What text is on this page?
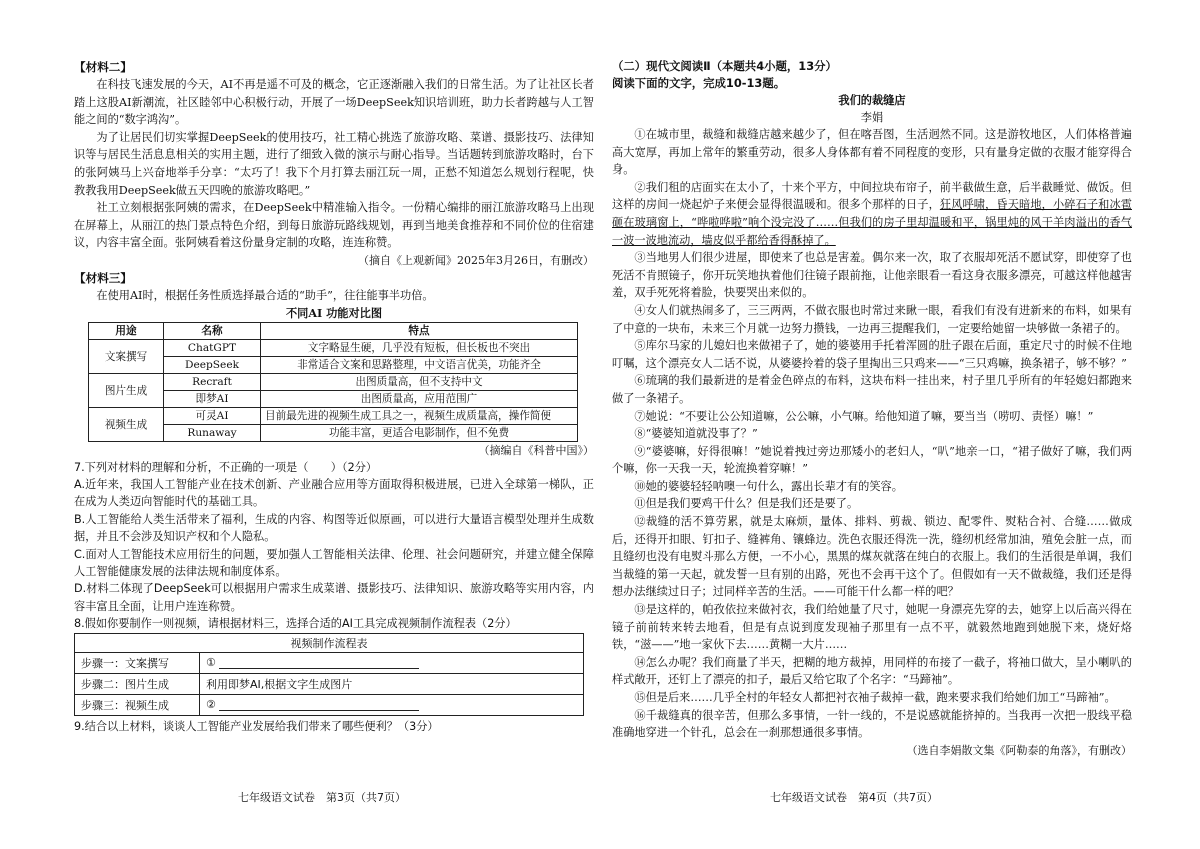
【材料二】

在科技飞速发展的今天，AI不再是遥不可及的概念，它正逐渐融入我们的日常生活。为了让社区长者踏上这股AI新潮流，社区睦邻中心积极行动，开展了一场DeepSeek知识培训班，助力长者跨越与人工智能之间的“数字鸿沟”。

为了让居民们切实掌握DeepSeek的使用技巧，社工精心挑选了旅游攻略、菜谱、摄影技巧、法律知识等与居民生活息息相关的实用主题，进行了细致入微的演示与耐心指导。当话题转到旅游攻略时，台下的张阿姨马上兴奋地举手分享：“太巧了！我下个月打算去丽江玩一周，正愁不知道怎么规划行程呢，快教教我用DeepSeek做五天四晚的旅游攻略吧。”

社工立刻根据张阿姨的需求，在DeepSeek中精准输入指令。一份精心编排的丽江旅游攻略马上出现在屏幕上，从丽江的热门景点特色介绍，到每日旅游玩路线规划，再到当地美食推荐和不同价位的住宿建议，内容丰富全面。张阿姨看着这份量身定制的攻略，连连称赞。

（摘自《上观新闻》2025年3月26日，有删改）

【材料三】

在使用AI时，根据任务性质选择最合适的“助手”，往往能事半功倍。

不同AI 功能对比图

用途	名称	特点
文案撰写	ChatGPT	文字略显生硬，几乎没有短板，但长板也不突出
	DeepSeek	非常适合文案和思路整理，中文语言优美，功能齐全
图片生成	Recraft	出图质量高，但不支持中文
	即梦AI	出图质量高，应用范围广
视频生成	可灵AI	目前最先进的视频生成工具之一，视频生成质量高，操作简便
	Runaway	功能丰富，更适合电影制作，但不免费

（摘编自《科普中国》）

7.下列对材料的理解和分析，不正确的一项是（　　）（2分）

A.近年来，我国人工智能产业在技术创新、产业融合应用等方面取得积极进展，已进入全球第一梯队，正在成为人类迈向智能时代的基础工具。

B.人工智能给人类生活带来了福利，生成的内容、构图等近似原画，可以进行大量语言模型处理并生成数据，并且不会涉及知识产权和个人隐私。

C.面对人工智能技术应用衍生的问题，要加强人工智能相关法律、伦理、社会问题研究，并建立健全保障人工智能健康发展的法律法规和制度体系。

D.材料二体现了DeepSeek可以根据用户需求生成菜谱、摄影技巧、法律知识、旅游攻略等实用内容，内容丰富且全面，让用户连连称赞。

8.假如你要制作一则视频，请根据材料三，选择合适的AI工具完成视频制作流程表（2分）

视频制作流程表	
步骤一：文案撰写	①
步骤二：图片生成	利用即梦AI,根据文字生成图片
步骤三：视频生成	②

9.结合以上材料，谈谈人工智能产业发展给我们带来了哪些便利？（3分）

（二）现代文阅读Ⅱ（本题共4小题，13分）

阅读下面的文字，完成10-13题。

我们的裁缝店

李娟

①在城市里，裁缝和裁缝店越来越少了，但在喀吾图，生活迥然不同。这是游牧地区，人们体格普遍高大宽厚，再加上常年的繁重劳动，很多人身体都有着不同程度的变形，只有量身定做的衣服才能穿得合身。

②我们租的店面实在太小了，十来个平方，中间拉块布帘子，前半截做生意，后半截睡觉、做饭。但这样的房间一烧起炉子来便会显得很温暖和。很多个那样的日子，狂风呼啸，昏天暗地，小碎石子和冰雹砸在玻璃窗上，“哗啦哗啦”响个没完没了……但我们的房子里却温暖和平，锅里炖的风干羊肉溢出的香气一波一波地流动，墙皮似乎都给香得酥掉了。

③当地男人们很少进屋，即使来了也总是害羞。偶尔来一次，取了衣服却死活不愿试穿，即使穿了也死活不肯照镜子，你开玩笑地执着他们往镜子跟前拖，让他亲眼看一看这身衣服多漂亮，可越这样他越害羞，双手死死将着脸，快要哭出来似的。

④女人们就热闹多了，三三两两，不做衣服也时常过来瞅一眼，看我们有没有进新来的布料，如果有了中意的一块布，未来三个月就一边努力攒钱，一边再三提醒我们，一定要给她留一块够做一条裙子的。

⑤库尔马家的儿媳妇也来做裙子了，她的婆婆用手托着浑圆的肚子跟在后面，重定尺寸的时候不住地叮嘱，这个漂亮女人二话不说，从婆婆拎着的袋子里掏出三只鸡来——“三只鸡嘛，换条裙子，够不够？”

⑥琉璃的我们最新进的是着金色碎点的布料，这块布料一挂出来，村子里几乎所有的年轻媳妇都跑来做了一条裙子。

⑦她说：“不要让公公知道嘛，公公嘛，小气嘛。给他知道了嘛，要当当（唠叨、责怪）嘛！”

⑧“婆婆知道就没事了？”

⑨“婆婆嘛，好得很嘛！”她说着拽过旁边那矮小的老妇人，“叭”地亲一口，“裙子做好了嘛，我们两个嘛，你一天我一天，轮流换着穿嘛！”

⑩她的婆婆轻轻呐噢一句什么，露出长辈才有的笑容。

⑪但是我们要鸡干什么？但是我们还是要了。

⑫裁缝的活不算劳累，就是太麻烦，量体、排料、剪裁、锁边、配零件、熨粘合衬、合缝……做成后，还得开扣眼、钉扣子、缝裤角、镶蜂边。洗色衣服还得洗一洗，缝纫机经常加油，殖免会脏一点，而且缝纫也没有电熨斗那么方便，一不小心，黑黑的煤灰就落在纯白的衣服上。我们的生活很是单调，我们当裁缝的第一天起，就发誓一旦有别的出路，死也不会再干这个了。但假如有一天不做裁缝，我们还是得想办法继续过日子；过同样辛苦的生活。——可能干什么都一样的吧？

⑬是这样的，帕孜依拉来做衬衣，我们给她量了尺寸，她呢一身漂亮先穿的去，她穿上以后高兴得在镜子前前转来转去地看，但是有点说到度发现袖子那里有一点不平，就毅然地跑到她脱下来，烧好烙铁，“滋——”地一家伙下去……黄糊一大片……

⑭怎么办呢？我们商量了半天，把糊的地方裁掉，用同样的布接了一截子，将袖口做大，呈小喇叭的样式敞开，还钉上了漂亮的扣子，最后又给它取了个名字：“马蹄袖”。

⑮但是后来……几乎全村的年轻女人都把衬衣袖子裁掉一截，跑来要求我们给她们加工“马蹄袖”。

⑯千裁缝真的很辛苦，但那么多事情，一针一线的，不是说感就能挤掉的。当我再一次把一股线平稳准确地穿进一个针孔，总会在一刹那想通很多事情。

（选自李娟散文集《阿勒泰的角落》，有删改）

七年级语文试卷　第3页（共7页）	七年级语文试卷　第4页（共7页）
